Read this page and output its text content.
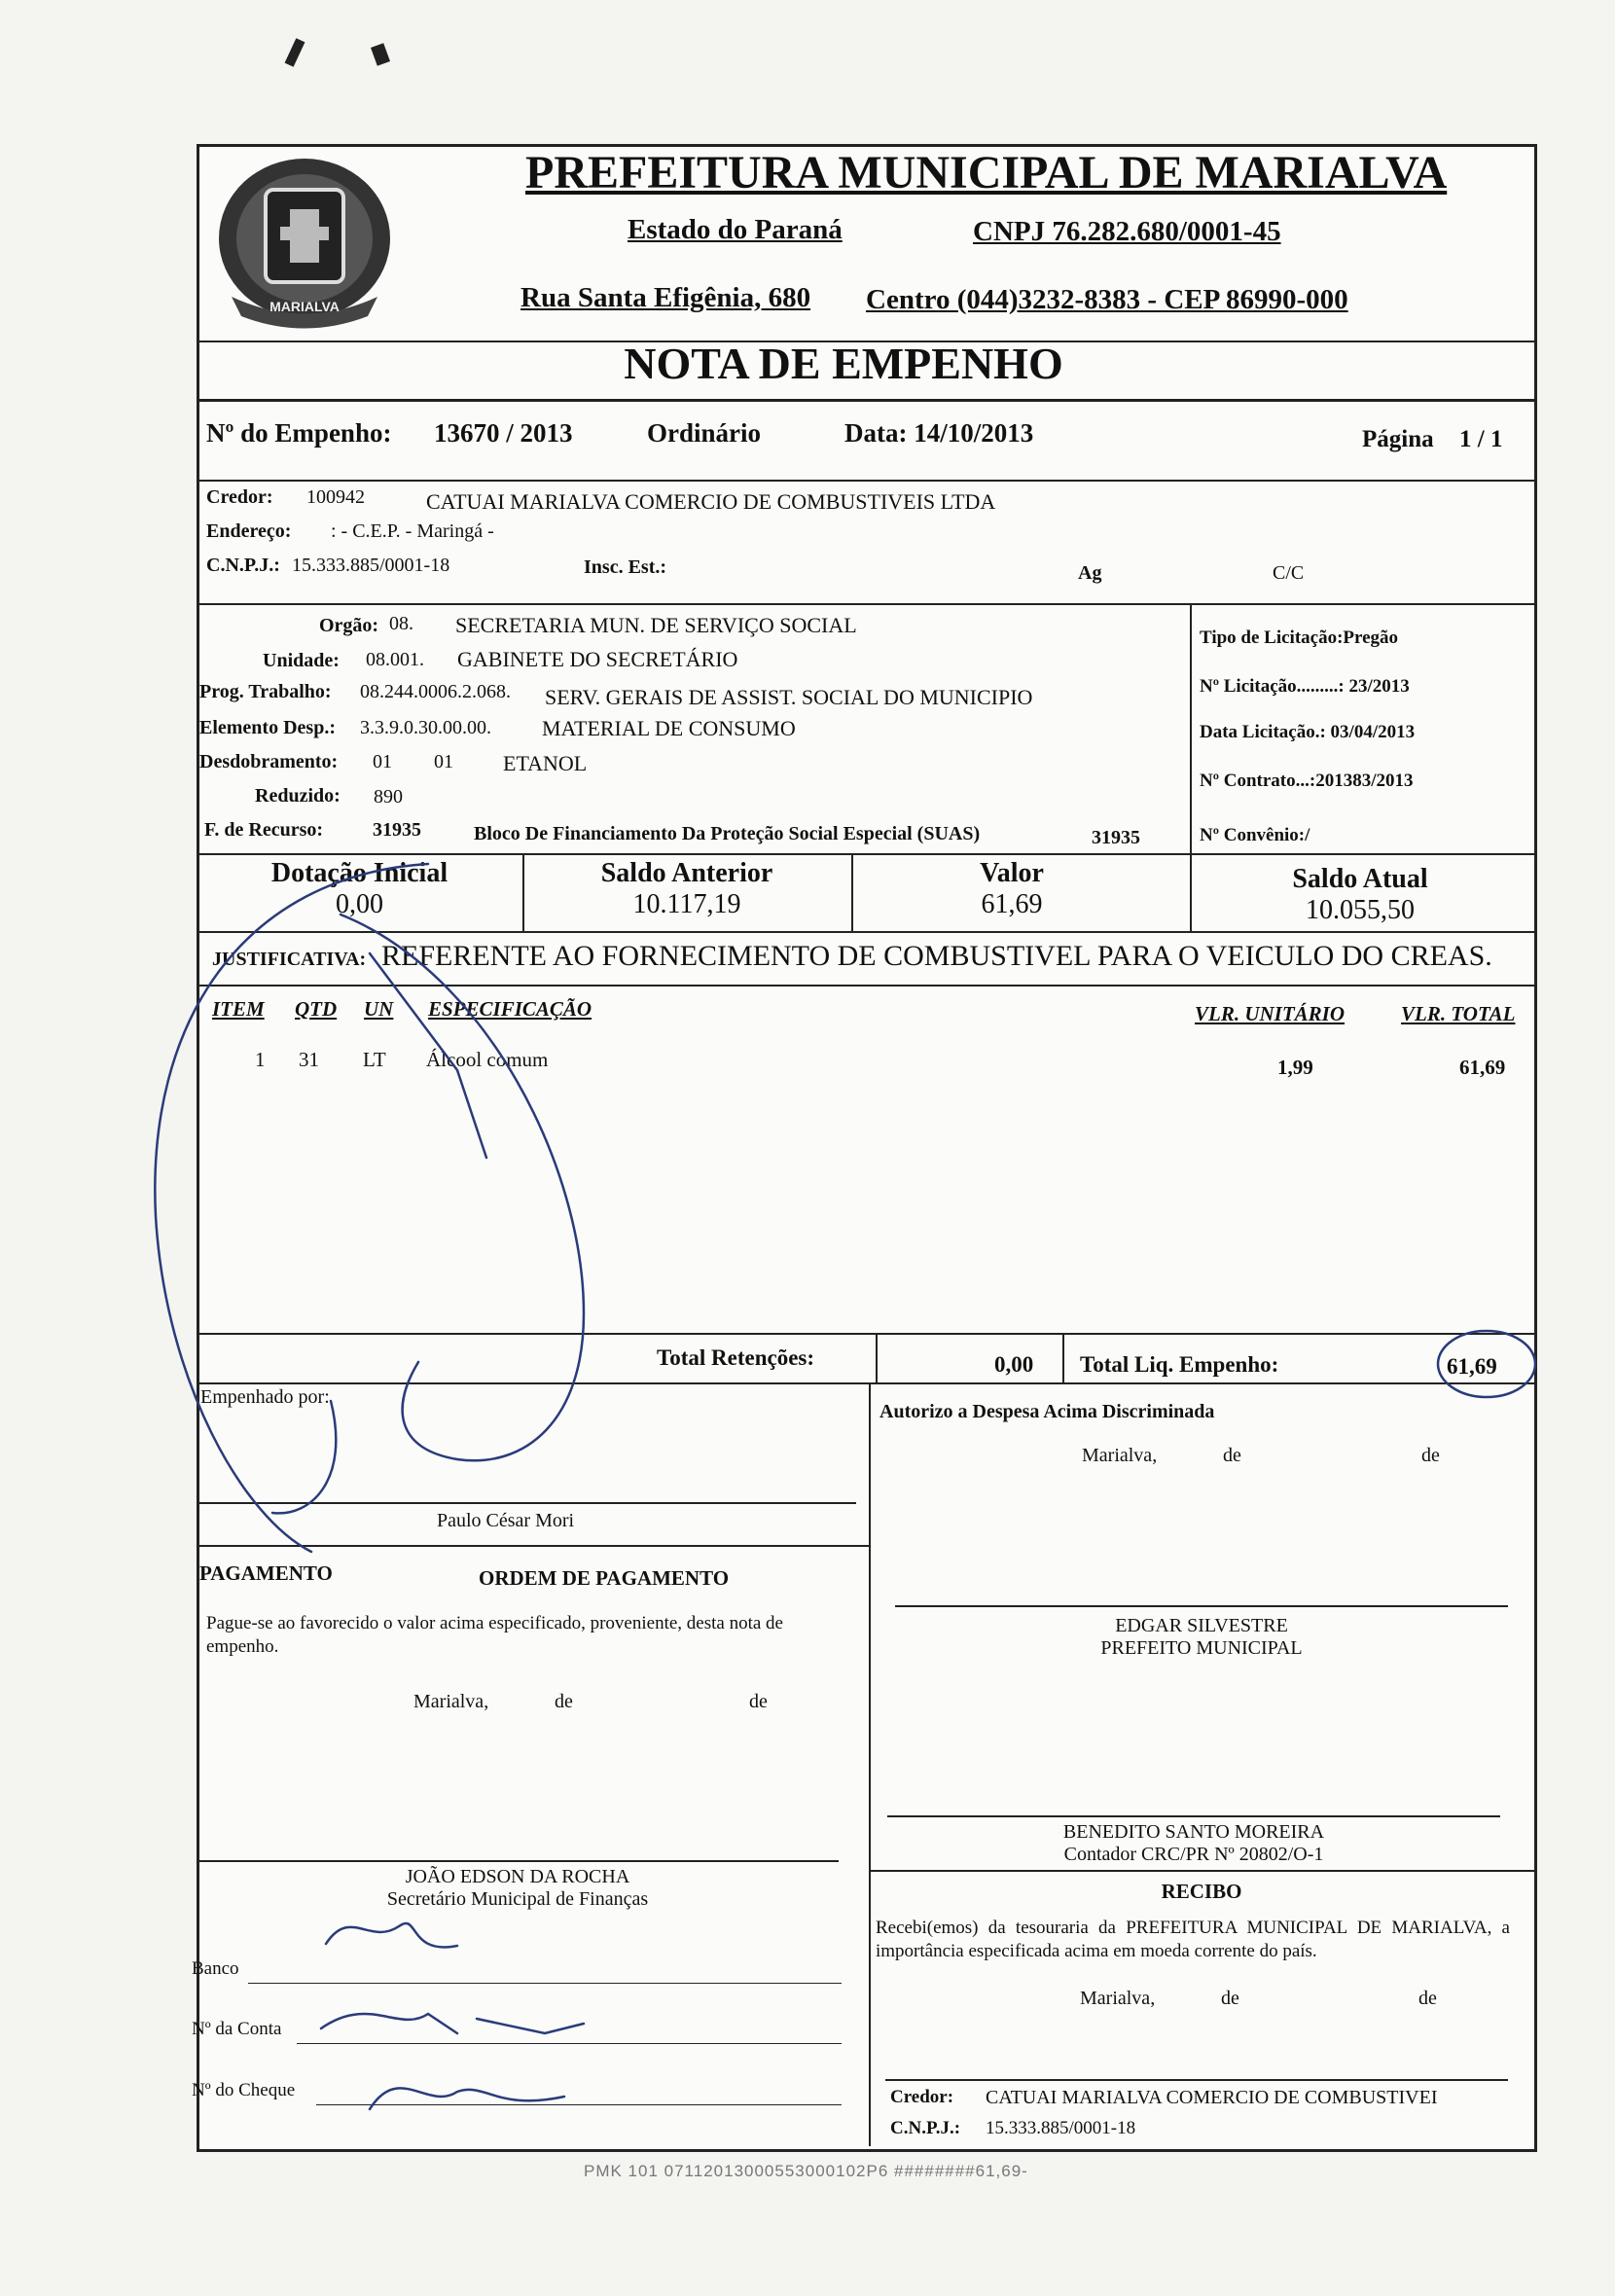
MARIALVA
PREFEITURA MUNICIPAL DE MARIALVA
Estado do Paraná	CNPJ 76.282.680/0001-45
Rua Santa Efigênia, 680 Centro (044)3232-8383 - CEP 86990-000
NOTA DE EMPENHO
Nº do Empenho: 13670 / 2013	Ordinário	Data: 14/10/2013	Página 1 / 1
Credor: 100942	CATUAI MARIALVA COMERCIO DE COMBUSTIVEIS LTDA
Endereço: : - C.E.P. - Maringá -
C.N.P.J.: 15.333.885/0001-18	Insc. Est.:	Ag	C/C
Orgão: 08. SECRETARIA MUN. DE SERVIÇO SOCIAL
Unidade: 08.001. GABINETE DO SECRETÁRIO
Prog. Trabalho: 08.244.0006.2.068. SERV. GERAIS DE ASSIST. SOCIAL DO MUNICIPIO
Elemento Desp.: 3.3.9.0.30.00.00. MATERIAL DE CONSUMO
Desdobramento: 01 01 ETANOL
Reduzido: 890
F. de Recurso:	31935	Bloco De Financiamento Da Proteção Social Especial (SUAS)	31935
Tipo de Licitação:Pregão
Nº Licitação.........: 23/2013
Data Licitação.: 03/04/2013
Nº Contrato...:201383/2013
Nº Convênio:/
Dotação Inicial
0,00
Saldo Anterior
10.117,19
Valor
61,69
Saldo Atual
10.055,50
JUSTIFICATIVA: REFERENTE AO FORNECIMENTO DE COMBUSTIVEL PARA O VEICULO DO CREAS.
ITEM QTD UN ESPECIFICAÇÃO	VLR. UNITÁRIO	VLR. TOTAL
1 31 LT Álcool comum	1,99	61,69
Total Retenções:	0,00 Total Liq. Empenho:	61,69
Empenhado por:
Paulo César Mori
Autorizo a Despesa Acima Discriminada
Marialva,	de	de
PAGAMENTO	ORDEM DE PAGAMENTO
Pague-se ao favorecido o valor acima especificado, proveniente, desta nota de empenho.
Marialva,	de	de
EDGAR SILVESTRE
PREFEITO MUNICIPAL
BENEDITO SANTO MOREIRA
Contador CRC/PR Nº 20802/O-1
JOÃO EDSON DA ROCHA
Secretário Municipal de Finanças	RECIBO
Recebi(emos) da tesouraria da PREFEITURA MUNICIPAL DE MARIALVA, a importância especificada acima em moeda corrente do país.
Marialva,	de	de
Banco
Nº da Conta
Nº do Cheque	Credor: CATUAI MARIALVA COMERCIO DE COMBUSTIVEI
C.N.P.J.: 15.333.885/0001-18
PMK 101 07112013000553000102P6 ########61,69-
